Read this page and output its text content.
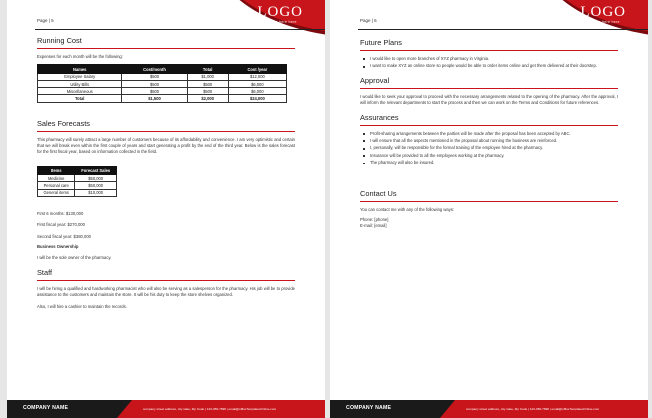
LOGO
Enquire here here
Page | 5
Running Cost

Expenses for each month will be the following:

Names	Cost/month	Total	Cost /year
Employee Salary	$500	$1,000	$12,000
Utility Bills	$500	$500	$6,000
Miscellaneous	$500	$500	$6,000
Total	$1,500	$2,000	$24,000
Sales Forecasts

This pharmacy will surely attract a large number of customers because of its affordability and convenience. I am very optimistic and certain that we will break even within the first couple of years and start generating a profit by the end of the third year. Below is the sales forecast for the first fiscal year, based on information collected in the field.

Items	Forecast Sales
Medicine	$50,000
Personal care	$50,000
General items	$10,000

First 6 months: $130,000

First fiscal year: $270,000

Second fiscal year: $380,000

Business Ownership

I will be the sole owner of the pharmacy.

Staff

I will be hiring a qualified and hardworking pharmacist who will also be serving as a salesperson for the pharmacy. His job will be to provide assistance to the customers and maintain the store. It will be his duty to keep the store shelves organized.

Also, I will hire a cashier to maintain the records.

COMPANY NAME	company street address, city state, Zip Code | 123-456-7890 | email@officeTemplatesOnline.com
LOGO
Enquire here here
Page | 6
Future Plans
I would like to open more branches of XYZ pharmacy in Virginia.
I want to make XYZ an online store so people would be able to order items online and get them delivered at their doorstep.
Approval

I would like to seek your approval to proceed with the necessary arrangements related to the opening of the pharmacy. After the approval, I will inform the relevant departments to start the process and then we can work on the Terms and Conditions for future references.

Assurances
Profit-sharing arrangements between the parties will be made after the proposal has been accepted by ABC.
I will ensure that all the aspects mentioned in the proposal about running the business are reinforced.
I, personally, will be responsible for the formal training of the employee hired at the pharmacy.
Insurance will be provided to all the employees working at the pharmacy.
The pharmacy will also be insured.
Contact Us

You can contact me with any of the following ways:

Phone: [phone]

E-mail: [email]

COMPANY NAME	company street address, city state, Zip Code | 123-456-7890 | email@officeTemplatesOnline.com
